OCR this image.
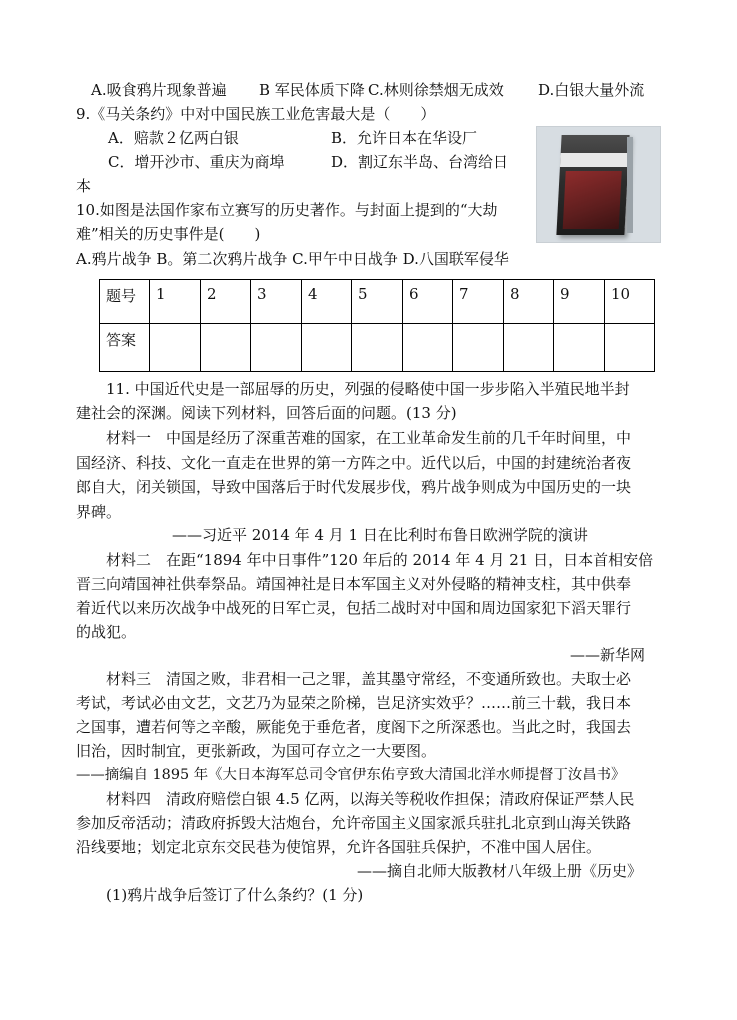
A.吸食鸦片现象普遍 B 军民体质下降 C.林则徐禁烟无成效 D.白银大量外流
9.《马关条约》中对中国民族工业危害最大是（　　）
A．赔款２亿两白银	B．允许日本在华设厂
C．增开沙市、重庆为商埠	D．割辽东半岛、台湾给日
本
10.如图是法国作家布立赛写的历史著作。与封面上提到的“大劫
难”相关的历史事件是(　　)
A.鸦片战争 B。第二次鸦片战争 C.甲午中日战争 D.八国联军侵华
题号	1	2	3	4	5	6	7	8	9	10
答案										
11. 中国近代史是一部屈辱的历史，列强的侵略使中国一步步陷入半殖民地半封
建社会的深渊。阅读下列材料，回答后面的问题。(13 分)
材料一　中国是经历了深重苦难的国家，在工业革命发生前的几千年时间里，中
国经济、科技、文化一直走在世界的第一方阵之中。近代以后，中国的封建统治者夜
郎自大，闭关锁国，导致中国落后于时代发展步伐，鸦片战争则成为中国历史的一块
界碑。
——习近平 2014 年 4 月 1 日在比利时布鲁日欧洲学院的演讲
材料二　在距“1894 年中日事件”120 年后的 2014 年 4 月 21 日，日本首相安倍
晋三向靖国神社供奉祭品。靖国神社是日本军国主义对外侵略的精神支柱，其中供奉
着近代以来历次战争中战死的日军亡灵，包括二战时对中国和周边国家犯下滔天罪行
的战犯。
——新华网
材料三　清国之败，非君相一己之罪，盖其墨守常经，不变通所致也。夫取士必
考试，考试必由文艺，文艺乃为显荣之阶梯，岂足济实效乎？……前三十载，我日本
之国事，遭若何等之辛酸，厥能免于垂危者，度阁下之所深悉也。当此之时，我国去
旧治，因时制宜，更张新政，为国可存立之一大要图。
——摘编自 1895 年《大日本海军总司令官伊东佑亨致大清国北洋水师提督丁汝昌书》
材料四　清政府赔偿白银 4.5 亿两，以海关等税收作担保；清政府保证严禁人民
参加反帝活动；清政府拆毁大沽炮台，允许帝国主义国家派兵驻扎北京到山海关铁路
沿线要地；划定北京东交民巷为使馆界，允许各国驻兵保护，不准中国人居住。
——摘自北师大版教材八年级上册《历史》
(1)鸦片战争后签订了什么条约？(1 分)
